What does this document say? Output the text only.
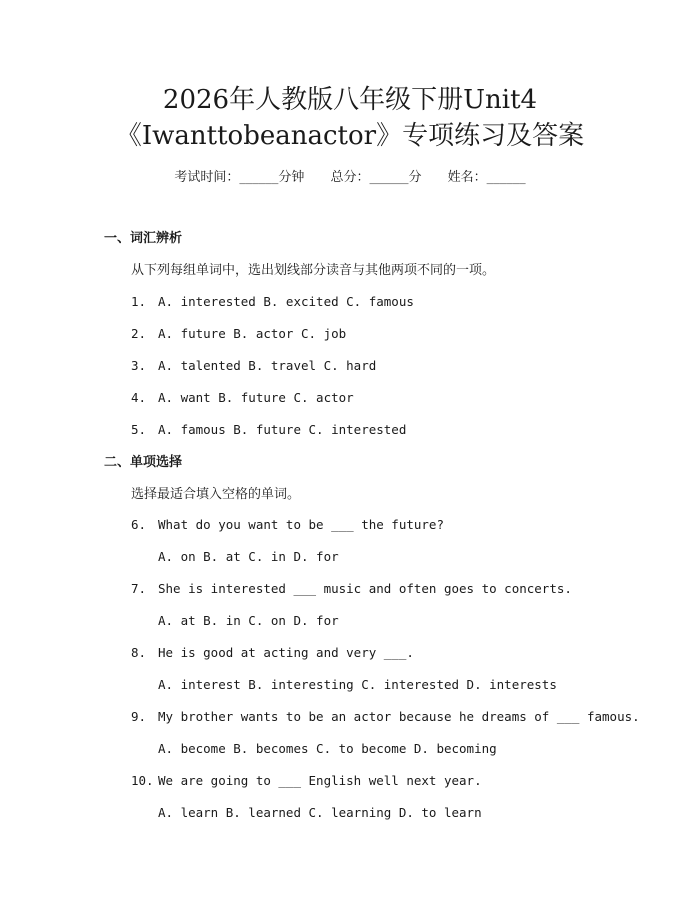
2026年人教版八年级下册Unit4
《Iwanttobeanactor》专项练习及答案
考试时间：______分钟 总分：______分 姓名：______
一、词汇辨析
从下列每组单词中，选出划线部分读音与其他两项不同的一项。
1. A. interested B. excited C. famous
2. A. future B. actor C. job
3. A. talented B. travel C. hard
4. A. want B. future C. actor
5. A. famous B. future C. interested
二、单项选择
选择最适合填入空格的单词。
6. What do you want to be ___ the future?
A. on B. at C. in D. for
7. She is interested ___ music and often goes to concerts.
A. at B. in C. on D. for
8. He is good at acting and very ___.
A. interest B. interesting C. interested D. interests
9. My brother wants to be an actor because he dreams of ___ famous.
A. become B. becomes C. to become D. becoming
10. We are going to ___ English well next year.
A. learn B. learned C. learning D. to learn
